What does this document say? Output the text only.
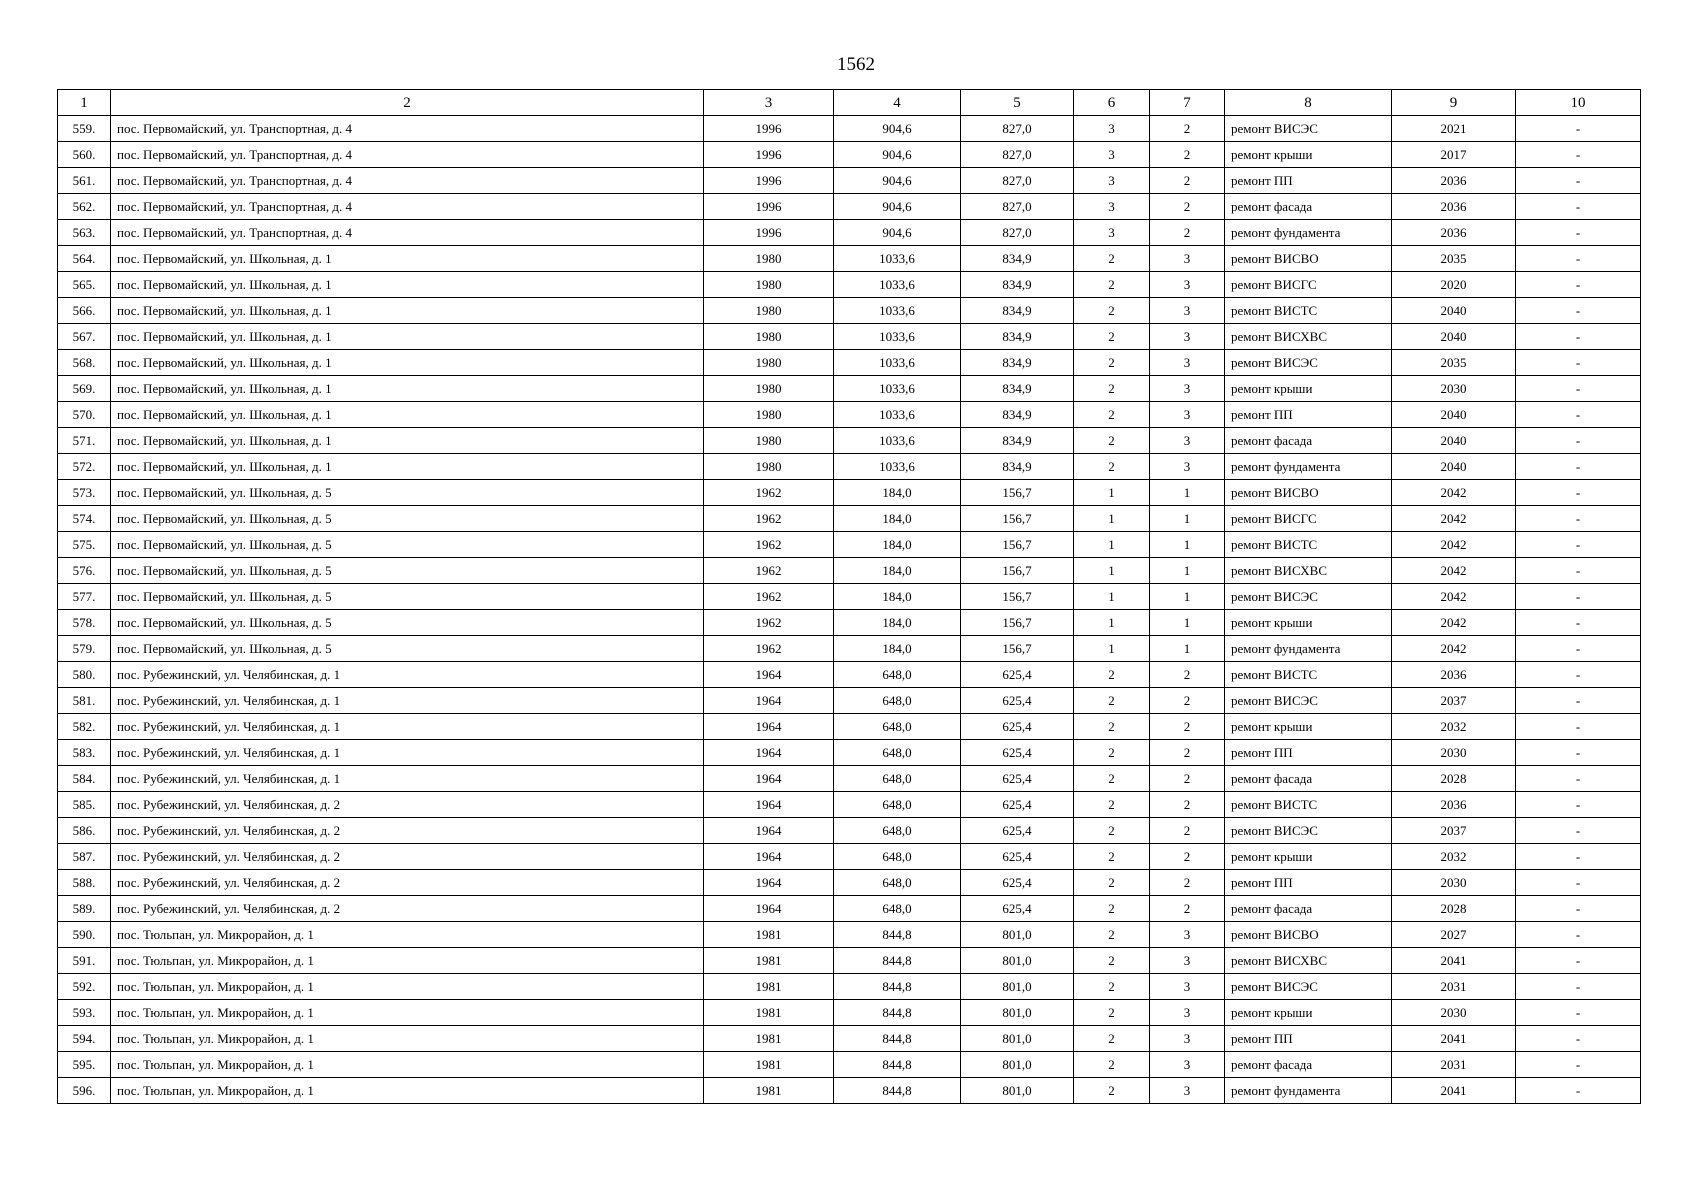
1562
1	2	3	4	5	6	7	8	9	10
559.	пос. Первомайский, ул. Транспортная, д. 4	1996	904,6	827,0	3	2	ремонт ВИСЭС	2021	-
560.	пос. Первомайский, ул. Транспортная, д. 4	1996	904,6	827,0	3	2	ремонт крыши	2017	-
561.	пос. Первомайский, ул. Транспортная, д. 4	1996	904,6	827,0	3	2	ремонт ПП	2036	-
562.	пос. Первомайский, ул. Транспортная, д. 4	1996	904,6	827,0	3	2	ремонт фасада	2036	-
563.	пос. Первомайский, ул. Транспортная, д. 4	1996	904,6	827,0	3	2	ремонт фундамента	2036	-
564.	пос. Первомайский, ул. Школьная, д. 1	1980	1033,6	834,9	2	3	ремонт ВИСВО	2035	-
565.	пос. Первомайский, ул. Школьная, д. 1	1980	1033,6	834,9	2	3	ремонт ВИСГС	2020	-
566.	пос. Первомайский, ул. Школьная, д. 1	1980	1033,6	834,9	2	3	ремонт ВИСТС	2040	-
567.	пос. Первомайский, ул. Школьная, д. 1	1980	1033,6	834,9	2	3	ремонт ВИСХВС	2040	-
568.	пос. Первомайский, ул. Школьная, д. 1	1980	1033,6	834,9	2	3	ремонт ВИСЭС	2035	-
569.	пос. Первомайский, ул. Школьная, д. 1	1980	1033,6	834,9	2	3	ремонт крыши	2030	-
570.	пос. Первомайский, ул. Школьная, д. 1	1980	1033,6	834,9	2	3	ремонт ПП	2040	-
571.	пос. Первомайский, ул. Школьная, д. 1	1980	1033,6	834,9	2	3	ремонт фасада	2040	-
572.	пос. Первомайский, ул. Школьная, д. 1	1980	1033,6	834,9	2	3	ремонт фундамента	2040	-
573.	пос. Первомайский, ул. Школьная, д. 5	1962	184,0	156,7	1	1	ремонт ВИСВО	2042	-
574.	пос. Первомайский, ул. Школьная, д. 5	1962	184,0	156,7	1	1	ремонт ВИСГС	2042	-
575.	пос. Первомайский, ул. Школьная, д. 5	1962	184,0	156,7	1	1	ремонт ВИСТС	2042	-
576.	пос. Первомайский, ул. Школьная, д. 5	1962	184,0	156,7	1	1	ремонт ВИСХВС	2042	-
577.	пос. Первомайский, ул. Школьная, д. 5	1962	184,0	156,7	1	1	ремонт ВИСЭС	2042	-
578.	пос. Первомайский, ул. Школьная, д. 5	1962	184,0	156,7	1	1	ремонт крыши	2042	-
579.	пос. Первомайский, ул. Школьная, д. 5	1962	184,0	156,7	1	1	ремонт фундамента	2042	-
580.	пос. Рубежинский, ул. Челябинская, д. 1	1964	648,0	625,4	2	2	ремонт ВИСТС	2036	-
581.	пос. Рубежинский, ул. Челябинская, д. 1	1964	648,0	625,4	2	2	ремонт ВИСЭС	2037	-
582.	пос. Рубежинский, ул. Челябинская, д. 1	1964	648,0	625,4	2	2	ремонт крыши	2032	-
583.	пос. Рубежинский, ул. Челябинская, д. 1	1964	648,0	625,4	2	2	ремонт ПП	2030	-
584.	пос. Рубежинский, ул. Челябинская, д. 1	1964	648,0	625,4	2	2	ремонт фасада	2028	-
585.	пос. Рубежинский, ул. Челябинская, д. 2	1964	648,0	625,4	2	2	ремонт ВИСТС	2036	-
586.	пос. Рубежинский, ул. Челябинская, д. 2	1964	648,0	625,4	2	2	ремонт ВИСЭС	2037	-
587.	пос. Рубежинский, ул. Челябинская, д. 2	1964	648,0	625,4	2	2	ремонт крыши	2032	-
588.	пос. Рубежинский, ул. Челябинская, д. 2	1964	648,0	625,4	2	2	ремонт ПП	2030	-
589.	пос. Рубежинский, ул. Челябинская, д. 2	1964	648,0	625,4	2	2	ремонт фасада	2028	-
590.	пос. Тюльпан, ул. Микрорайон, д. 1	1981	844,8	801,0	2	3	ремонт ВИСВО	2027	-
591.	пос. Тюльпан, ул. Микрорайон, д. 1	1981	844,8	801,0	2	3	ремонт ВИСХВС	2041	-
592.	пос. Тюльпан, ул. Микрорайон, д. 1	1981	844,8	801,0	2	3	ремонт ВИСЭС	2031	-
593.	пос. Тюльпан, ул. Микрорайон, д. 1	1981	844,8	801,0	2	3	ремонт крыши	2030	-
594.	пос. Тюльпан, ул. Микрорайон, д. 1	1981	844,8	801,0	2	3	ремонт ПП	2041	-
595.	пос. Тюльпан, ул. Микрорайон, д. 1	1981	844,8	801,0	2	3	ремонт фасада	2031	-
596.	пос. Тюльпан, ул. Микрорайон, д. 1	1981	844,8	801,0	2	3	ремонт фундамента	2041	-
